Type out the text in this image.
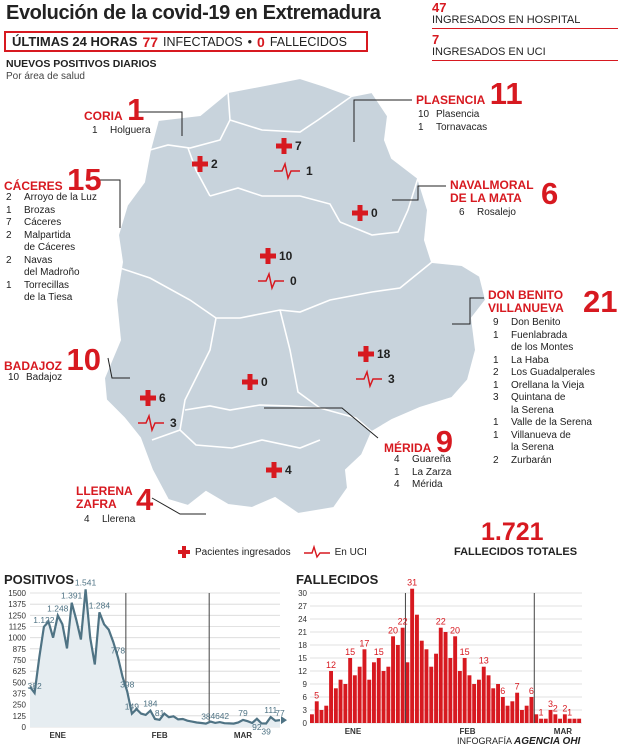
Evolución de la covid-19 en Extremadura
ÚLTIMAS 24 HORAS 77 INFECTADOS • 0 FALLECIDOS
47
INGRESADOS EN HOSPITAL
7
INGRESADOS EN UCI
NUEVOS POSITIVOS DIARIOS
Por área de salud
2
7
1
0
10
0
18
3
0
6
3
4
CORIA 1
1 Holguera
PLASENCIA 11
10 Plasencia
1 Tornavacas
CÁCERES 15
2 Arroyo de la Luz
1 Brozas
7 Cáceres
2 Malpartida
de Cáceres
2 Navas
del Madroño
1 Torrecillas
de la Tiesa
NAVALMORAL
DE LA MATA 6
6 Rosalejo
DON BENITO
VILLANUEVA 21
9 Don Benito
1 Fuenlabrada
de los Montes
1 La Haba
2 Los Guadalperales
1 Orellana la Vieja
3 Quintana de
la Serena
1 Valle de la Serena
1 Villanueva de
la Serena
2 Zurbarán
BADAJOZ 10
10 Badajoz
MÉRIDA 9
4 Guareña
1 La Zarza
4 Mérida
LLERENA
ZAFRA 4
4 Llerena
Pacientes ingresados	En UCI
1.721
FALLECIDOS TOTALES
POSITIVOS
1500
1375
1250
1125
1000
875
750
625
500
375
250
125
0
382
1.122
1.248
1.391
1.541
1.284
778
398
149 184
81	38 46 42 79
92 39
111
77
ENE	FEB	MAR
FALLECIDOS
30
27
24
21
18
15
12
9
6
3
0
5
12
15
17
15
20
22
31
22
20
15
13
6 7 6
1
3 2 2 1
ENE	FEB	MAR
INFOGRAFÍA AGENCIA OHI
